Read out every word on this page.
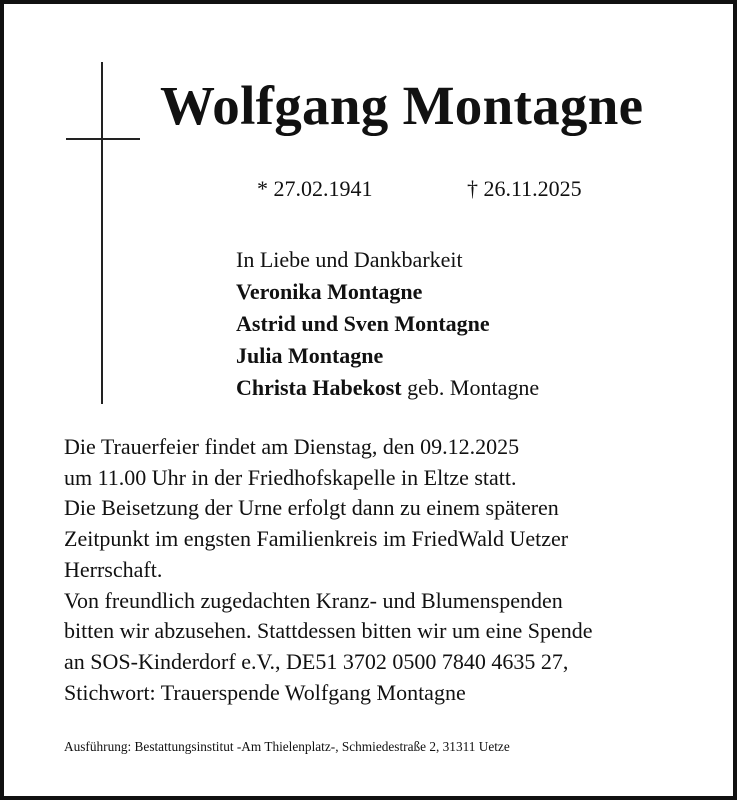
Wolfgang Montagne
* 27.02.1941	† 26.11.2025
In Liebe und Dankbarkeit
Veronika Montagne
Astrid und Sven Montagne
Julia Montagne
Christa Habekost geb. Montagne
Die Trauerfeier findet am Dienstag, den 09.12.2025
um 11.00 Uhr in der Friedhofskapelle in Eltze statt.
Die Beisetzung der Urne erfolgt dann zu einem späteren
Zeitpunkt im engsten Familienkreis im FriedWald Uetzer
Herrschaft.
Von freundlich zugedachten Kranz- und Blumenspenden
bitten wir abzusehen. Stattdessen bitten wir um eine Spende
an SOS-Kinderdorf e.V., DE51 3702 0500 7840 4635 27,
Stichwort: Trauerspende Wolfgang Montagne
Ausführung: Bestattungsinstitut -Am Thielenplatz-, Schmiedestraße 2, 31311 Uetze
